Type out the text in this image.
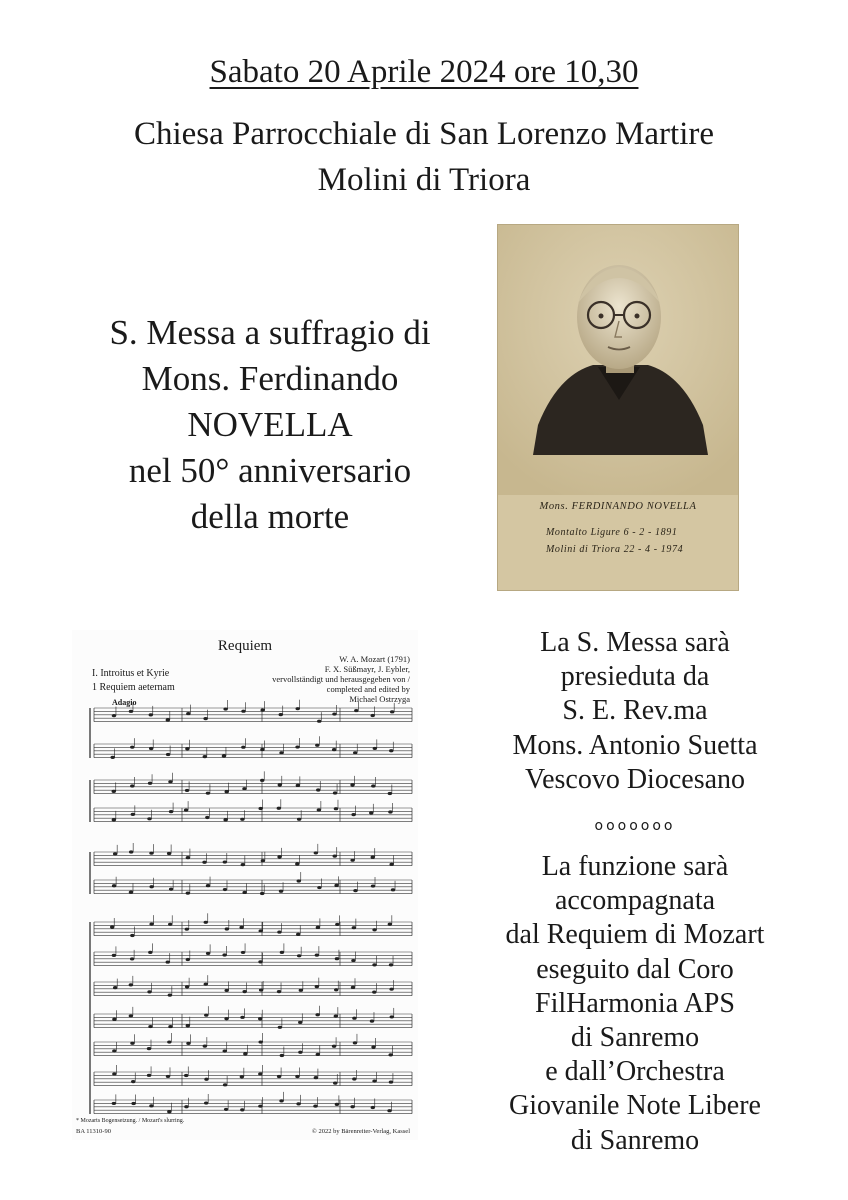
Sabato 20 Aprile 2024 ore 10,30
Chiesa Parrocchiale di San Lorenzo Martire
Molini di Triora
S. Messa a suffragio di
Mons. Ferdinando
NOVELLA
nel 50° anniversario
della morte	Mons. FERDINANDO NOVELLA
Montalto Ligure 6 - 2 - 1891
Molini di Triora 22 - 4 - 1974
Requiem
W. A. Mozart (1791)
F. X. Süßmayr, J. Eybler,
vervollständigt und herausgegeben von /
completed and edited by
Michael Ostrzyga
I. Introitus et Kyrie
1 Requiem aeternam
Adagio
* Mozarts Bogensetzung. / Mozart's slurring.
BA 11310-90	© 2022 by Bärenreiter-Verlag, Kassel
La S. Messa sarà
presieduta da
S. E. Rev.ma
Mons. Antonio Suetta
Vescovo Diocesano
ooooooo
La funzione sarà
accompagnata
dal Requiem di Mozart
eseguito dal Coro
FilHarmonia APS
di Sanremo
e dall’Orchestra
Giovanile Note Libere
di Sanremo
